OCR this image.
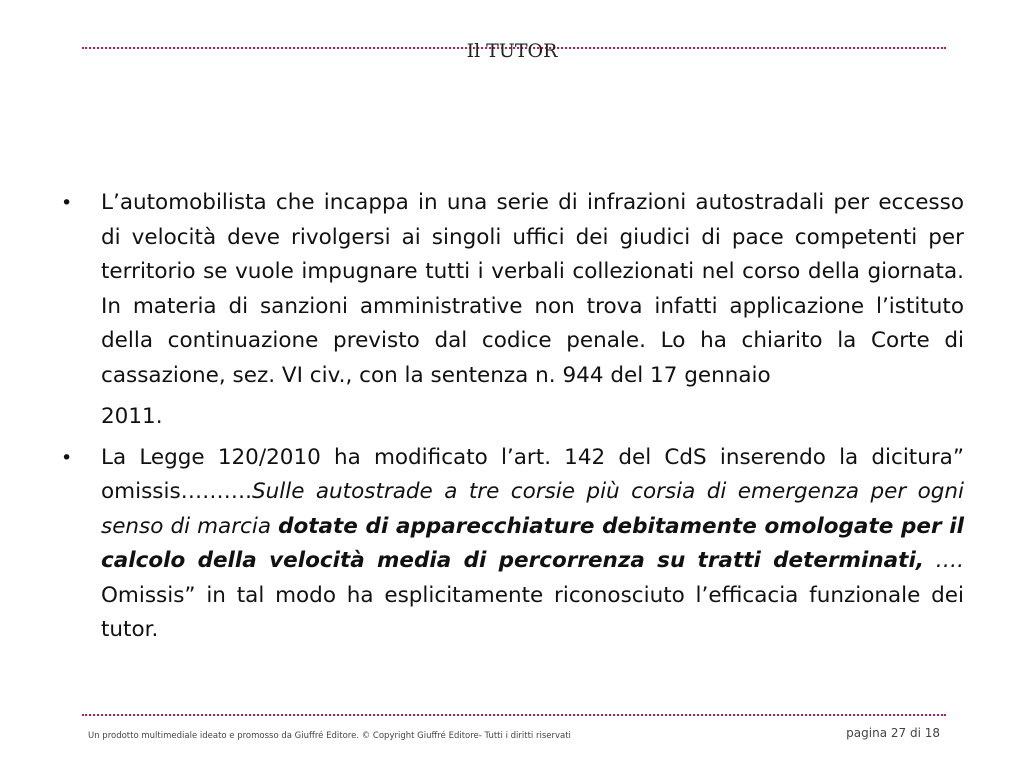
Il TUTOR
• L’automobilista che incappa in una serie di infrazioni autostradali per eccesso di velocità deve rivolgersi ai singoli uffici dei giudici di pace competenti per territorio se vuole impugnare tutti i verbali collezionati nel corso della giornata. In materia di sanzioni amministrative non trova infatti applicazione l’istituto della continuazione previsto dal codice penale. Lo ha chiarito la Corte di cassazione, sez. VI civ., con la sentenza n. 944 del 17 gennaio
2011.
• La Legge 120/2010 ha modificato l’art. 142 del CdS inserendo la dicitura” omissis……….Sulle autostrade a tre corsie più corsia di emergenza per ogni senso di marcia dotate di apparecchiature debitamente omologate per il calcolo della velocità media di percorrenza su tratti determinati, …. Omissis” in tal modo ha esplicitamente riconosciuto l’efficacia funzionale dei tutor.
Un prodotto multimediale ideato e promosso da Giuffré Editore. © Copyright Giuffré Editore- Tutti i diritti riservati	pagina 27 di 18
